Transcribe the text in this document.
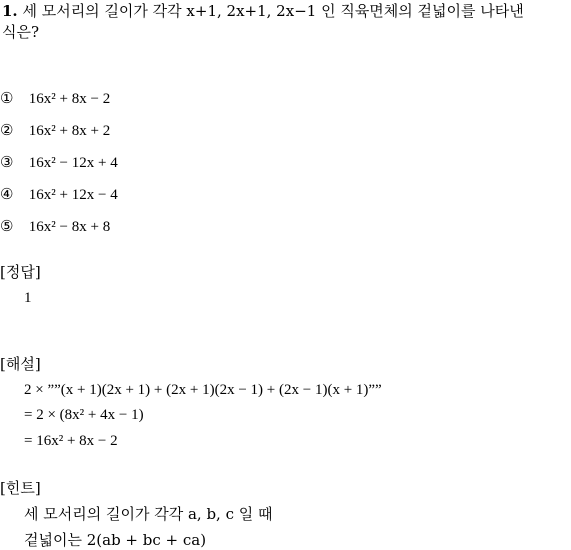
1. 세 모서리의 길이가 각각 x+1, 2x+1, 2x−1 인 직육면체의 겉넓이를 나타낸
식은?
① 16x² + 8x − 2
② 16x² + 8x + 2
③ 16x² − 12x + 4
④ 16x² + 12x − 4
⑤ 16x² − 8x + 8
[정답]
1
[해설]
2 × ””(x + 1)(2x + 1) + (2x + 1)(2x − 1) + (2x − 1)(x + 1)””
= 2 × (8x² + 4x − 1)
= 16x² + 8x − 2
[힌트]
세 모서리의 길이가 각각 a, b, c 일 때
겉넓이는 2(ab + bc + ca)
